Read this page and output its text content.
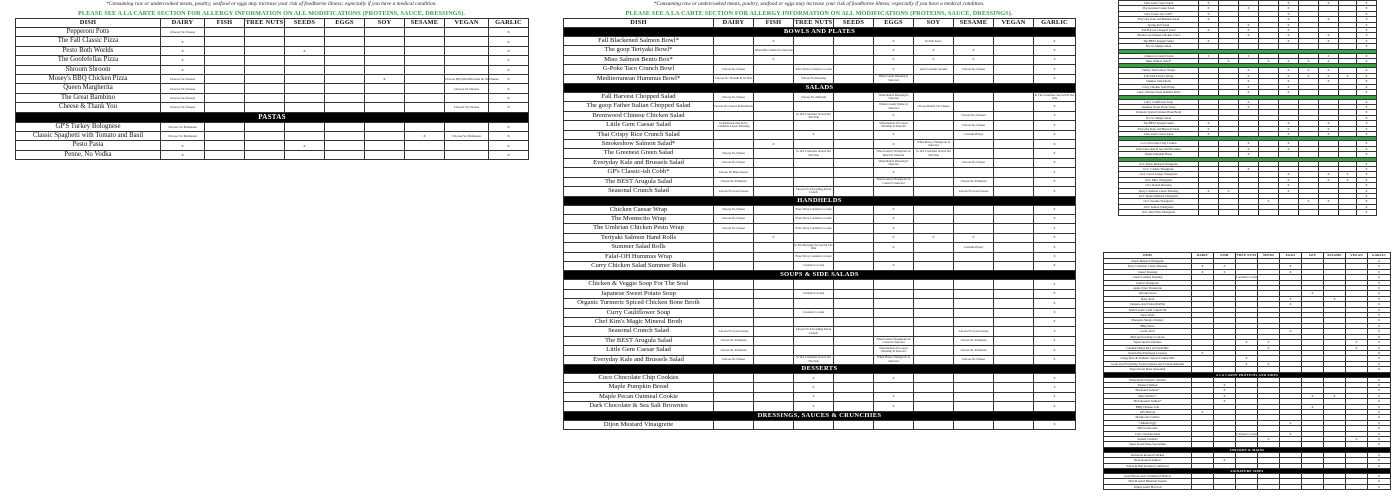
*Consuming raw or undercooked meats, poultry, seafood or eggs may increase your risk of foodborne illness; especially if you have a medical condition.
PLEASE SEE A LA CARTE SECTION FOR ALLERGY INFORMATION ON ALL MODIFICATIONS (PROTEINS, SAUCE, DRESSINGS).
DISH	DAIRY	FISH	TREE NUTS	SEEDS	EGGS	SOY	SESAME	VEGAN	GARLIC
Pepperoni Potts	Choose Ve Cheese								X
The Fall Classic Pizza	X								X
Pesto Both Worlds	X			X					X
The Goofefellas Pizza	X								X
Shroom Shroom	X								X
Mosey's BBQ Chicken Pizza	Choose Ve Cheese					X		Choose Bbq Modification & Ve Cheese	X
Queen Margherita	Choose Ve Cheese							Choose Ve Cheese	X
The Great Bambino	Choose Ve Cheese								X
Cheese & Thank You	Choose Ve Cheese							Choose Ve Cheese	X
PASTAS									
GP'S Turkey Bolognese	Choose Ve Parmesan								X
Classic Spaghetti with Tomato and Basil	Choose Ve Parmesan						X	Choose Ve Parmesan	X
Pesto Pasta	X			X					X
Penne, No Vodka	X								X
*Consuming raw or undercooked meats, poultry, seafood or eggs may increase your risk of foodborne illness; especially if you have a medical condition.
PLEASE SEE A LA CARTE SECTION FOR ALLERGY INFORMATION ON ALL MODIFICATIONS (PROTEINS, SAUCE, DRESSINGS).
DISH	DAIRY	FISH	TREE NUTS	SEEDS	EGGS	SOY	SESAME	VEGAN	GARLIC
BOWLS AND PLATES									
Fall Blackened Salmon Bowl*		X			X	In Side Sauce			X
The goop Teriyaki Bowl*		When Miso Salmon Is Selected			X	X	X		X
Miso Salmon Bento Box*		X			X	X	X		X
G-Poke Taco Crunch Bowl	Choose No Cheese		Salsa Verde Contains Coconut		X	Aioli Contains Sesame	Choose No Cheese		X
Mediterranean Hummus Bowl*	Choose No Tzatziki & Ve Feta		Choose No Dressing		When Greek Dressing Is Selected				X
SALADS									
Fall Harvest Chopped Salad	Choose No Cheese		Choose No Almonds		When Ranch Dressing Is Selected				In The Crunchies Served On The Side
The goop Father Italian Chopped Salad	Choose No Cheese & Parmesan				When Creamy Italian Is Selected	Choose Ranch, No Cheese			X
Brentwood Chinese Chicken Salad			In The Crunchies Served On The Side		X		Choose No Chicken		X
Little Gem Caesar Salad	In Parmesan And Spicy Calabrian Caesar Dressing				When Ranch Or Caesar Dressing Is Selected		Choose No Cheese		X
Thai Crispy Rice Crunch Salad			X		X		Contains Honey		X
Smokeshow Salmon Salad*		X			X	When Honey Vinaigrette Is Selected			X
The Greenest Green Salad	Choose No Cheese		In The Crunchies Served On The Side		When Lemon Vinaigrette Or Ranch Is Selected	In The Crunchies Served On The Side			X
Everyday Kale and Brussels Salad	Choose No Cheese				When Ranch Dressing Is Selected		Choose No Cheese		X
GP's Classic-ish Cobb*	Choose No Blue Cheese				X				X
The BEST Arugula Salad	Choose No Parmesan				When Lemon Vinaigrette Or Caesar Is Selected		Choose No Parmesan		X
Seasonal Crunch Salad	Choose No Goat Cheese		Choose No Everything Pecan Crunch				Choose No Goat Cheese		X
HANDHELDS									
Chicken Caesar Wrap	Choose No Cheese		Flour Wrap Contains Coconut		X				X
The Montecito Wrap	Choose No Cheese		Flour Wrap Contains Coconut		X				X
The Umbrian Chicken Pesto Wrap	Choose No Cheese		Flour Wrap Contains Coconut		X				X
Teriyaki Salmon Hand Rolls		X			X	X	X		X
Summer Salad Rolls			In The Dressing Served On The Side		X		Contains Honey		X
Falaf-OH Hummus Wrap			Flour Wrap Contains Coconut						X
Curry Chicken Salad Summer Rolls			Contains Coconut		X				X
SOUPS & SIDE SALADS									
Chicken & Veggie Soup For The Soul									X
Japanese Sweet Potato Soup			Contains Coconut						X
Organic Turmeric Spiced Chicken Bone Broth									X
Curry Cauliflower Soup			Contains Coconut						X
Chef Kim's Magic Mineral Broth									X
Seasonal Crunch Salad	Choose No Goat Cheese		Choose No Everything Pecan Crunch				Choose No Goat Cheese		X
The BEST Arugula Salad	Choose No Parmesan				When Lemon Vinaigrette Or Caesar Is Selected		Choose No Parmesan		X
Little Gem Caesar Salad	Choose No Parmesan				When Ranch Or Caesar Dressing Is Selected		Choose No Parmesan		X
Everyday Kale and Brussels Salad	Choose No Cheese		In The Crunchies Served On The Side		When Honey Vinaigrette Is Selected		Choose No Cheese		X
DESSERTS									
Coco Chocolate Chip Cookies			X		X				X
Maple Pumpkin Bread			X						X
Maple Pecan Oatmeal Cookie			X		X				X
Dark Chocolate & Sea Salt Brownies			X		X				X
DRESSINGS, SAUCES & CRUNCHIES									
Dijon Mustard Vinaigrette									X
Little Gem Caesar Salad	X				X		X		X
The Greenest Green Salad	X		X		X				X
GP's Classic-ish Cobb*	X				X				X
Everyday Kale and Brussels Salad	X				X		X		X
Spring Roll Salad			X		X				X
Fall Harvest Chopped Salad	X		X		X				X
Brentwood Chinese Chicken Salad			X		X		X		X
The BEST Arugula Salad	X				X		X		X
Not So Simple Salad									X

Cameron's Crunch Salad	X		X				X		X
Miso Salmon Salad*		X		X	X	X	X		X

Turkey Thai Lettuce Wraps			X		X	X	X		X
Tofu Thai Lettuce Wraps			X		X	X	X	X	X
Summer Salad Rolls			X		X		X		X
Curry Chicken Salad Wrap			X		X				X
Curry Chicken Salad Summer Rolls			X		X				X

Curry Cauliflower Soup			X						X
Japanese Sweet Potato Soup			X						X
Turmeric Spiced Chicken Bone Broth									X
Not So Simple Salad									X
The BEST Arugula Salad	X				X		X		X
Everyday Kale and Brussels Salad	X				X		X		X
Little Gem Caesar Salad	X				X		X		X

Coco Chocolate Chip Cookies			X		X				X
Dark Chocolate & Sea Salt Brownies			X		X				X
Maple Pumpkin Bread			X						X

GCC Dijon Mustard Vinaigrette									X
GCC Cashew Vinaigrette			X						X
GCC Carrot Ginger Vinaigrette					X		X	X	X
GCC Miso Vinaigrette					X		X	X	X
GCC Ranch Dressing					X				X
Spicy Calabrian Caesar Dressing	X	X			X				X
GCC Maple Mustard Vinaigrette									X
GCC Sesame Vinaigrette				X		X	X		X
GCC Lemon Vinaigrette									X
GCC Red Wine Vinaigrette									X
DISH	DAIRY	FISH	TREE NUTS	SEEDS	EGGS	SOY	SESAME	VEGAN	GARLIC
Maple Mustard Vinaigrette									X
Spicy Calabrian Caesar Dressing	X	X			X				X
Caesar Dressing	X	X			X				X
Green Goddess Dressing			Contains Coconut						X
Lemon Vinaigrette									X
Apple Cider Vinaigrette									X
Teriyaki Sauce						X			X
Spicy Aioli					X		X		X
Jalapeno-Aioli Salsa (PAYK)					X				X
Shallot Garlic Chili Crunch Oil									X
Salsa Verde									X
Pineapple Mango Chutney									X
BBQ Sauce									X
Garlic Aioli					X				X
Herb and Garlicky Croutons									X
Supercrunch Crunchies			X	X				X	X
Candied Puffed Rice and Seed Mix				X				X	X
Gluten-Free Parmesan Croutons	X								X
Crispy Rice & Turmeric Spiced Cashew Mix			X						X
Grain-free Everything Toasted Quinoa and Toasted Almonds			X	X					X
Super Secret Pizza Seasoning									X
A LA CARTE PROTEINS AND SIDES									
Hand-Pulled Organic Chicken									X
Smoked Salmon		X							X
Blackened Salmon*		X							X
Miso Salmon *		X				X	X		X
Herb-Roasted Salmon*		X							X
BBQ Chicken Tofu						X			X
GP's Burrata	X								X
Mushroom Carnitas									X
7-Minute Egg*					X				X
Half an Avocado									X
Curry Chicken Salad			Contains Coconut		X				X
Seeded Crackers				X				X	X
Super Secret Pizza Seasonings									X
CHICKEN & MAINS									
Rotisserie Roasted Chicken									X
Herb-Roasted Salmon		X							X
Whole & Half Roasted Cauliflower									X
SIGNATURE SIDES									
Green Beans and Caramelized Shallots									X
Herb Roasted Butternut Squash									X
Simple Garlic Broccoli									X
